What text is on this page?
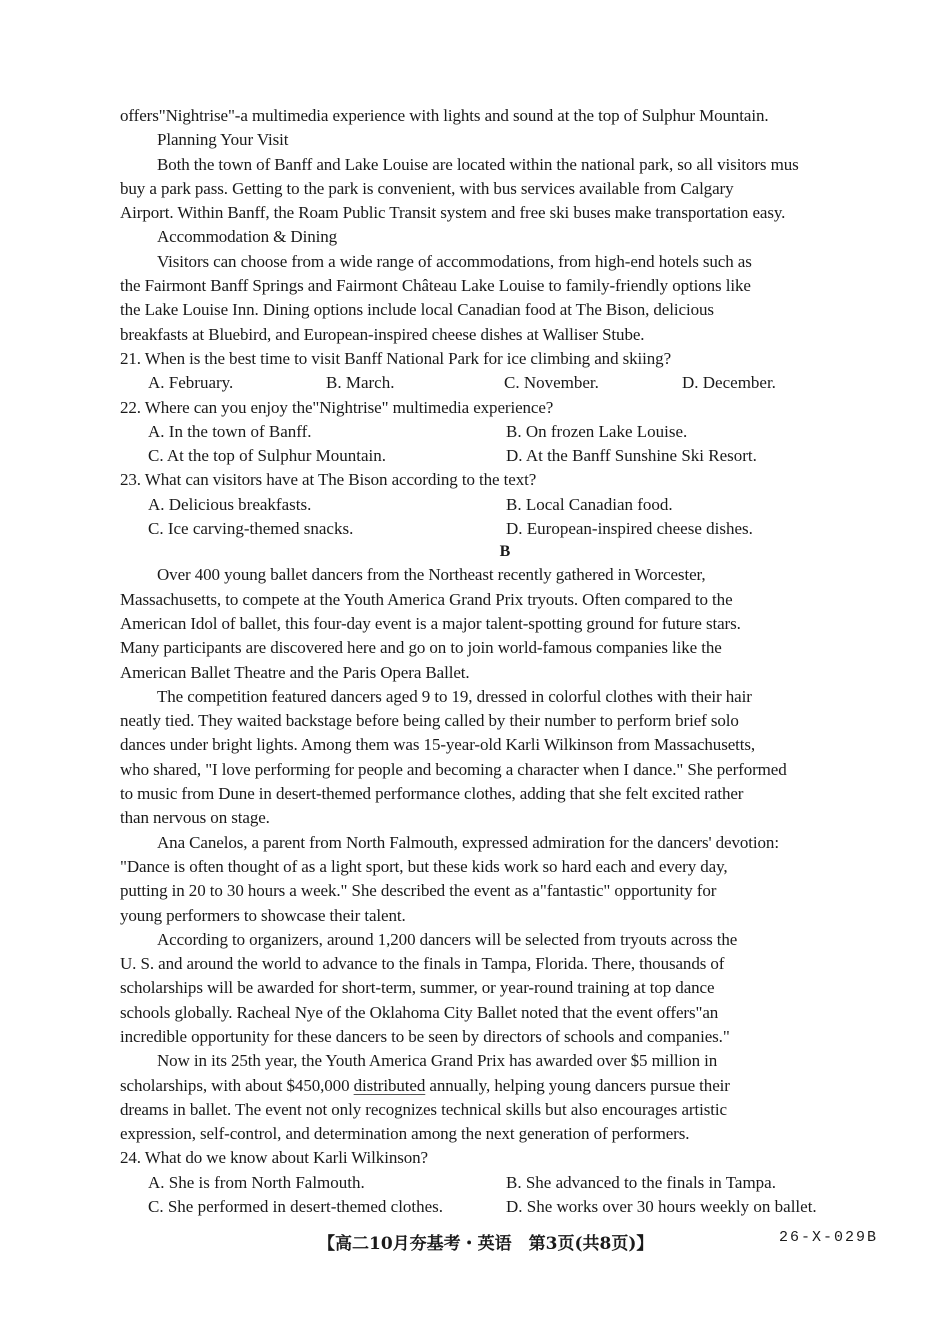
offers"Nightrise"-a multimedia experience with lights and sound at the top of Sulphur Mountain.
Planning Your Visit
Both the town of Banff and Lake Louise are located within the national park, so all visitors mus
buy a park pass. Getting to the park is convenient, with bus services available from Calgary
Airport. Within Banff, the Roam Public Transit system and free ski buses make transportation easy.
Accommodation & Dining
Visitors can choose from a wide range of accommodations, from high-end hotels such as
the Fairmont Banff Springs and Fairmont Château Lake Louise to family-friendly options like
the Lake Louise Inn. Dining options include local Canadian food at The Bison, delicious
breakfasts at Bluebird, and European-inspired cheese dishes at Walliser Stube.
21. When is the best time to visit Banff National Park for ice climbing and skiing?
A. February.	B. March.	C. November.	D. December.
22. Where can you enjoy the"Nightrise" multimedia experience?
A. In the town of Banff.	B. On frozen Lake Louise.
C. At the top of Sulphur Mountain.	D. At the Banff Sunshine Ski Resort.
23. What can visitors have at The Bison according to the text?
A. Delicious breakfasts.	B. Local Canadian food.
C. Ice carving-themed snacks.	D. European-inspired cheese dishes.
B
Over 400 young ballet dancers from the Northeast recently gathered in Worcester,
Massachusetts, to compete at the Youth America Grand Prix tryouts. Often compared to the
American Idol of ballet, this four-day event is a major talent-spotting ground for future stars.
Many participants are discovered here and go on to join world-famous companies like the
American Ballet Theatre and the Paris Opera Ballet.
The competition featured dancers aged 9 to 19, dressed in colorful clothes with their hair
neatly tied. They waited backstage before being called by their number to perform brief solo
dances under bright lights. Among them was 15-year-old Karli Wilkinson from Massachusetts,
who shared, "I love performing for people and becoming a character when I dance." She performed
to music from Dune in desert-themed performance clothes, adding that she felt excited rather
than nervous on stage.
Ana Canelos, a parent from North Falmouth, expressed admiration for the dancers' devotion:
"Dance is often thought of as a light sport, but these kids work so hard each and every day,
putting in 20 to 30 hours a week." She described the event as a"fantastic" opportunity for
young performers to showcase their talent.
According to organizers, around 1,200 dancers will be selected from tryouts across the
U. S. and around the world to advance to the finals in Tampa, Florida. There, thousands of
scholarships will be awarded for short-term, summer, or year-round training at top dance
schools globally. Racheal Nye of the Oklahoma City Ballet noted that the event offers"an
incredible opportunity for these dancers to be seen by directors of schools and companies."
Now in its 25th year, the Youth America Grand Prix has awarded over $5 million in
scholarships, with about $450,000 distributed annually, helping young dancers pursue their
dreams in ballet. The event not only recognizes technical skills but also encourages artistic
expression, self-control, and determination among the next generation of performers.
24. What do we know about Karli Wilkinson?
A. She is from North Falmouth.	B. She advanced to the finals in Tampa.
C. She performed in desert-themed clothes.	D. She works over 30 hours weekly on ballet.
【高二10月夯基考・英语　第3页(共8页)】	26-X-029B
